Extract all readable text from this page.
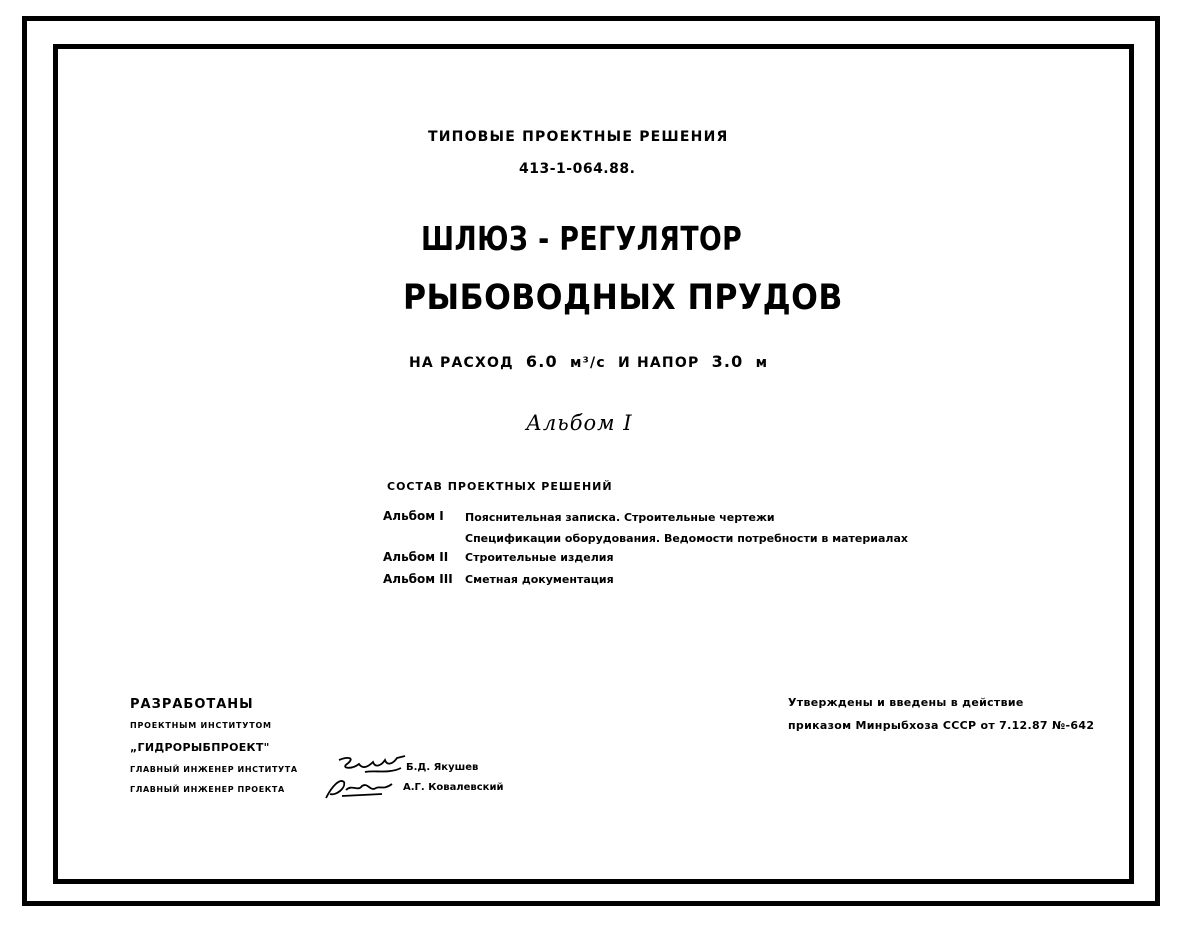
ТИПОВЫЕ ПРОЕКТНЫЕ РЕШЕНИЯ
413-1-064.88.
ШЛЮЗ - РЕГУЛЯТОР
РЫБОВОДНЫХ ПРУДОВ
НА РАСХОД 6.0 м³/с И НАПОР 3.0 м
Альбом I
СОСТАВ ПРОЕКТНЫХ РЕШЕНИЙ
Альбом I Пояснительная записка. Строительные чертежи
Спецификации оборудования. Ведомости потребности в материалах
Альбом II Строительные изделия
Альбом III Сметная документация
РАЗРАБОТАНЫ
ПРОЕКТНЫМ ИНСТИТУТОМ
„ГИДРОРЫБПРОЕКТ"
ГЛАВНЫЙ ИНЖЕНЕР ИНСТИТУТА	Б.Д. Якушев
ГЛАВНЫЙ ИНЖЕНЕР ПРОЕКТА	А.Г. Ковалевский
Утверждены и введены в действие
приказом Минрыбхоза СССР от 7.12.87 №-642
